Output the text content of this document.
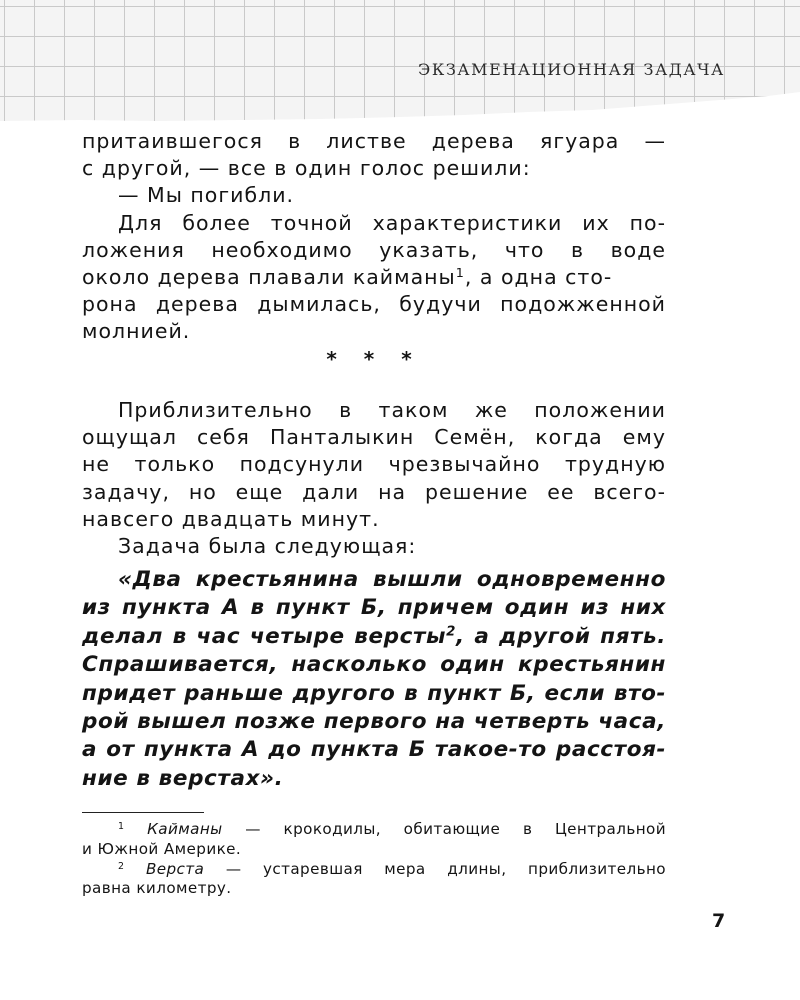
ЭКЗАМЕНАЦИОННАЯ ЗАДАЧА
притаившегося в листве дерева ягуара —
с другой, — все в один голос решили:
— Мы погибли.
Для более точной характеристики их по-
ложения необходимо указать, что в воде
около дерева плавали кайманы$^1$, а одна сто-
рона дерева дымилась, будучи подожженной
молнией.
* * *
Приблизительно в таком же положении
ощущал себя Панталыкин Семён, когда ему
не только подсунули чрезвычайно трудную
задачу, но еще дали на решение ее всего-
навсего двадцать минут.
Задача была следующая:
«Два крестьянина вышли одновременно
из пункта А в пункт Б, причем один из них
делал в час четыре версты$^2$, а другой пять.
Спрашивается, насколько один крестьянин
придет раньше другого в пункт Б, если вто-
рой вышел позже первого на четверть часа,
а от пункта А до пункта Б такое-то расстоя-
ние в верстах».
$^1$ Кайманы — крокодилы, обитающие в Центральной
и Южной Америке.
$^2$ Верста — устаревшая мера длины, приблизительно
равна километру.
7
